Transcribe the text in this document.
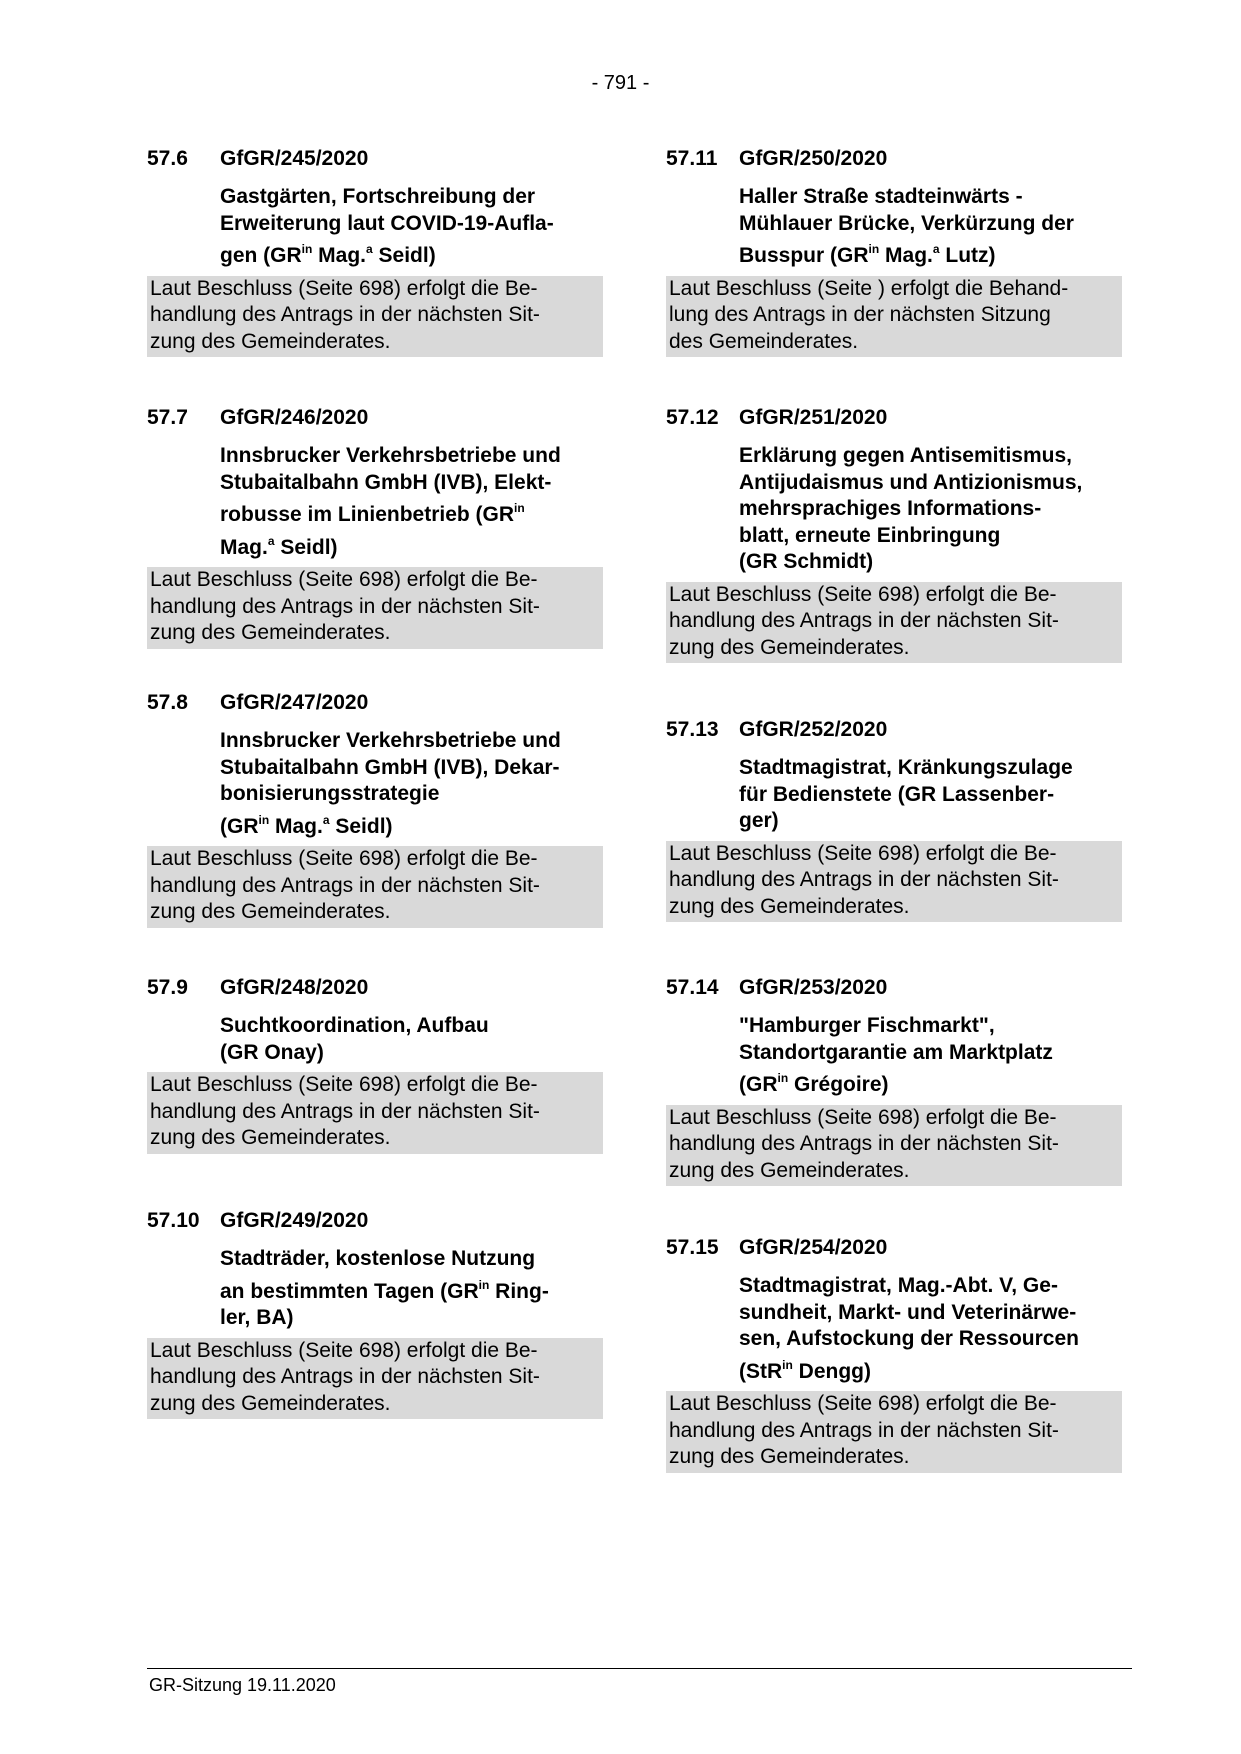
- 791 -
57.6 GfGR/245/2020
Gastgärten, Fortschreibung der
Erweiterung laut COVID-19-Aufla-
gen ($GR^{in}$ Mag.$^a$ Seidl)
Laut Beschluss (Seite 698) erfolgt die Be-
handlung des Antrags in der nächsten Sit-
zung des Gemeinderates.
57.7 GfGR/246/2020
Innsbrucker Verkehrsbetriebe und
Stubaitalbahn GmbH (IVB), Elekt-
robusse im Linienbetrieb ($GR^{in}$
Mag.$^a$ Seidl)
Laut Beschluss (Seite 698) erfolgt die Be-
handlung des Antrags in der nächsten Sit-
zung des Gemeinderates.
57.8 GfGR/247/2020
Innsbrucker Verkehrsbetriebe und
Stubaitalbahn GmbH (IVB), Dekar-
bonisierungsstrategie
($GR^{in}$ Mag.$^a$ Seidl)
Laut Beschluss (Seite 698) erfolgt die Be-
handlung des Antrags in der nächsten Sit-
zung des Gemeinderates.
57.9 GfGR/248/2020
Suchtkoordination, Aufbau
(GR Onay)
Laut Beschluss (Seite 698) erfolgt die Be-
handlung des Antrags in der nächsten Sit-
zung des Gemeinderates.
57.10 GfGR/249/2020
Stadträder, kostenlose Nutzung
an bestimmten Tagen ($GR^{in}$ Ring-
ler, BA)
Laut Beschluss (Seite 698) erfolgt die Be-
handlung des Antrags in der nächsten Sit-
zung des Gemeinderates.
57.11 GfGR/250/2020
Haller Straße stadteinwärts -
Mühlauer Brücke, Verkürzung der
Busspur ($GR^{in}$ Mag.$^a$ Lutz)
Laut Beschluss (Seite ) erfolgt die Behand-
lung des Antrags in der nächsten Sitzung
des Gemeinderates.
57.12 GfGR/251/2020
Erklärung gegen Antisemitismus,
Antijudaismus und Antizionismus,
mehrsprachiges Informations-
blatt, erneute Einbringung
(GR Schmidt)
Laut Beschluss (Seite 698) erfolgt die Be-
handlung des Antrags in der nächsten Sit-
zung des Gemeinderates.
57.13 GfGR/252/2020
Stadtmagistrat, Kränkungszulage
für Bedienstete (GR Lassenber-
ger)
Laut Beschluss (Seite 698) erfolgt die Be-
handlung des Antrags in der nächsten Sit-
zung des Gemeinderates.
57.14 GfGR/253/2020
"Hamburger Fischmarkt",
Standortgarantie am Marktplatz
($GR^{in}$ Grégoire)
Laut Beschluss (Seite 698) erfolgt die Be-
handlung des Antrags in der nächsten Sit-
zung des Gemeinderates.
57.15 GfGR/254/2020
Stadtmagistrat, Mag.-Abt. V, Ge-
sundheit, Markt- und Veterinärwe-
sen, Aufstockung der Ressourcen
(StR$^{in}$ Dengg)
Laut Beschluss (Seite 698) erfolgt die Be-
handlung des Antrags in der nächsten Sit-
zung des Gemeinderates.
GR-Sitzung 19.11.2020
